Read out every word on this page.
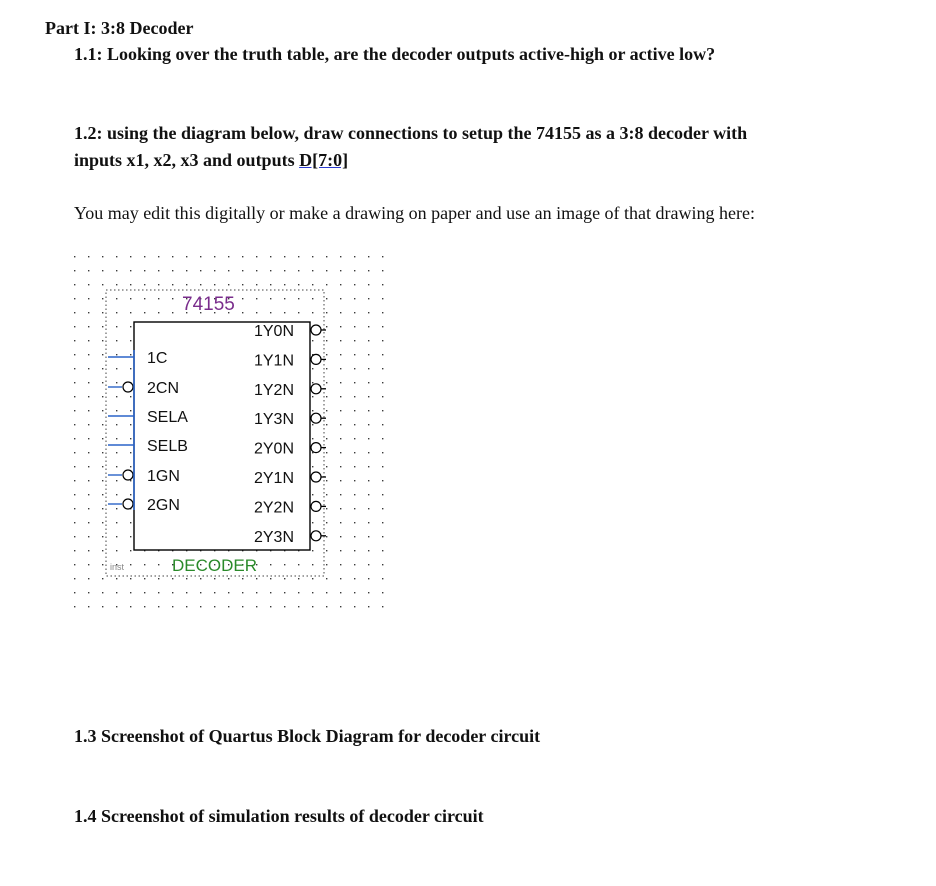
Part I: 3:8 Decoder
1.1: Looking over the truth table, are the decoder outputs active-high or active low?
1.2: using the diagram below, draw connections to setup the 74155 as a 3:8 decoder with
inputs x1, x2, x3 and outputs D[7:0]
You may edit this digitally or make a drawing on paper and use an image of that drawing here:
74155
DECODER
inst
1C
2CN
SELA
SELB
1GN
2GN
1Y0N
1Y1N
1Y2N
1Y3N
2Y0N
2Y1N
2Y2N
2Y3N
1.3 Screenshot of Quartus Block Diagram for decoder circuit
1.4 Screenshot of simulation results of decoder circuit
